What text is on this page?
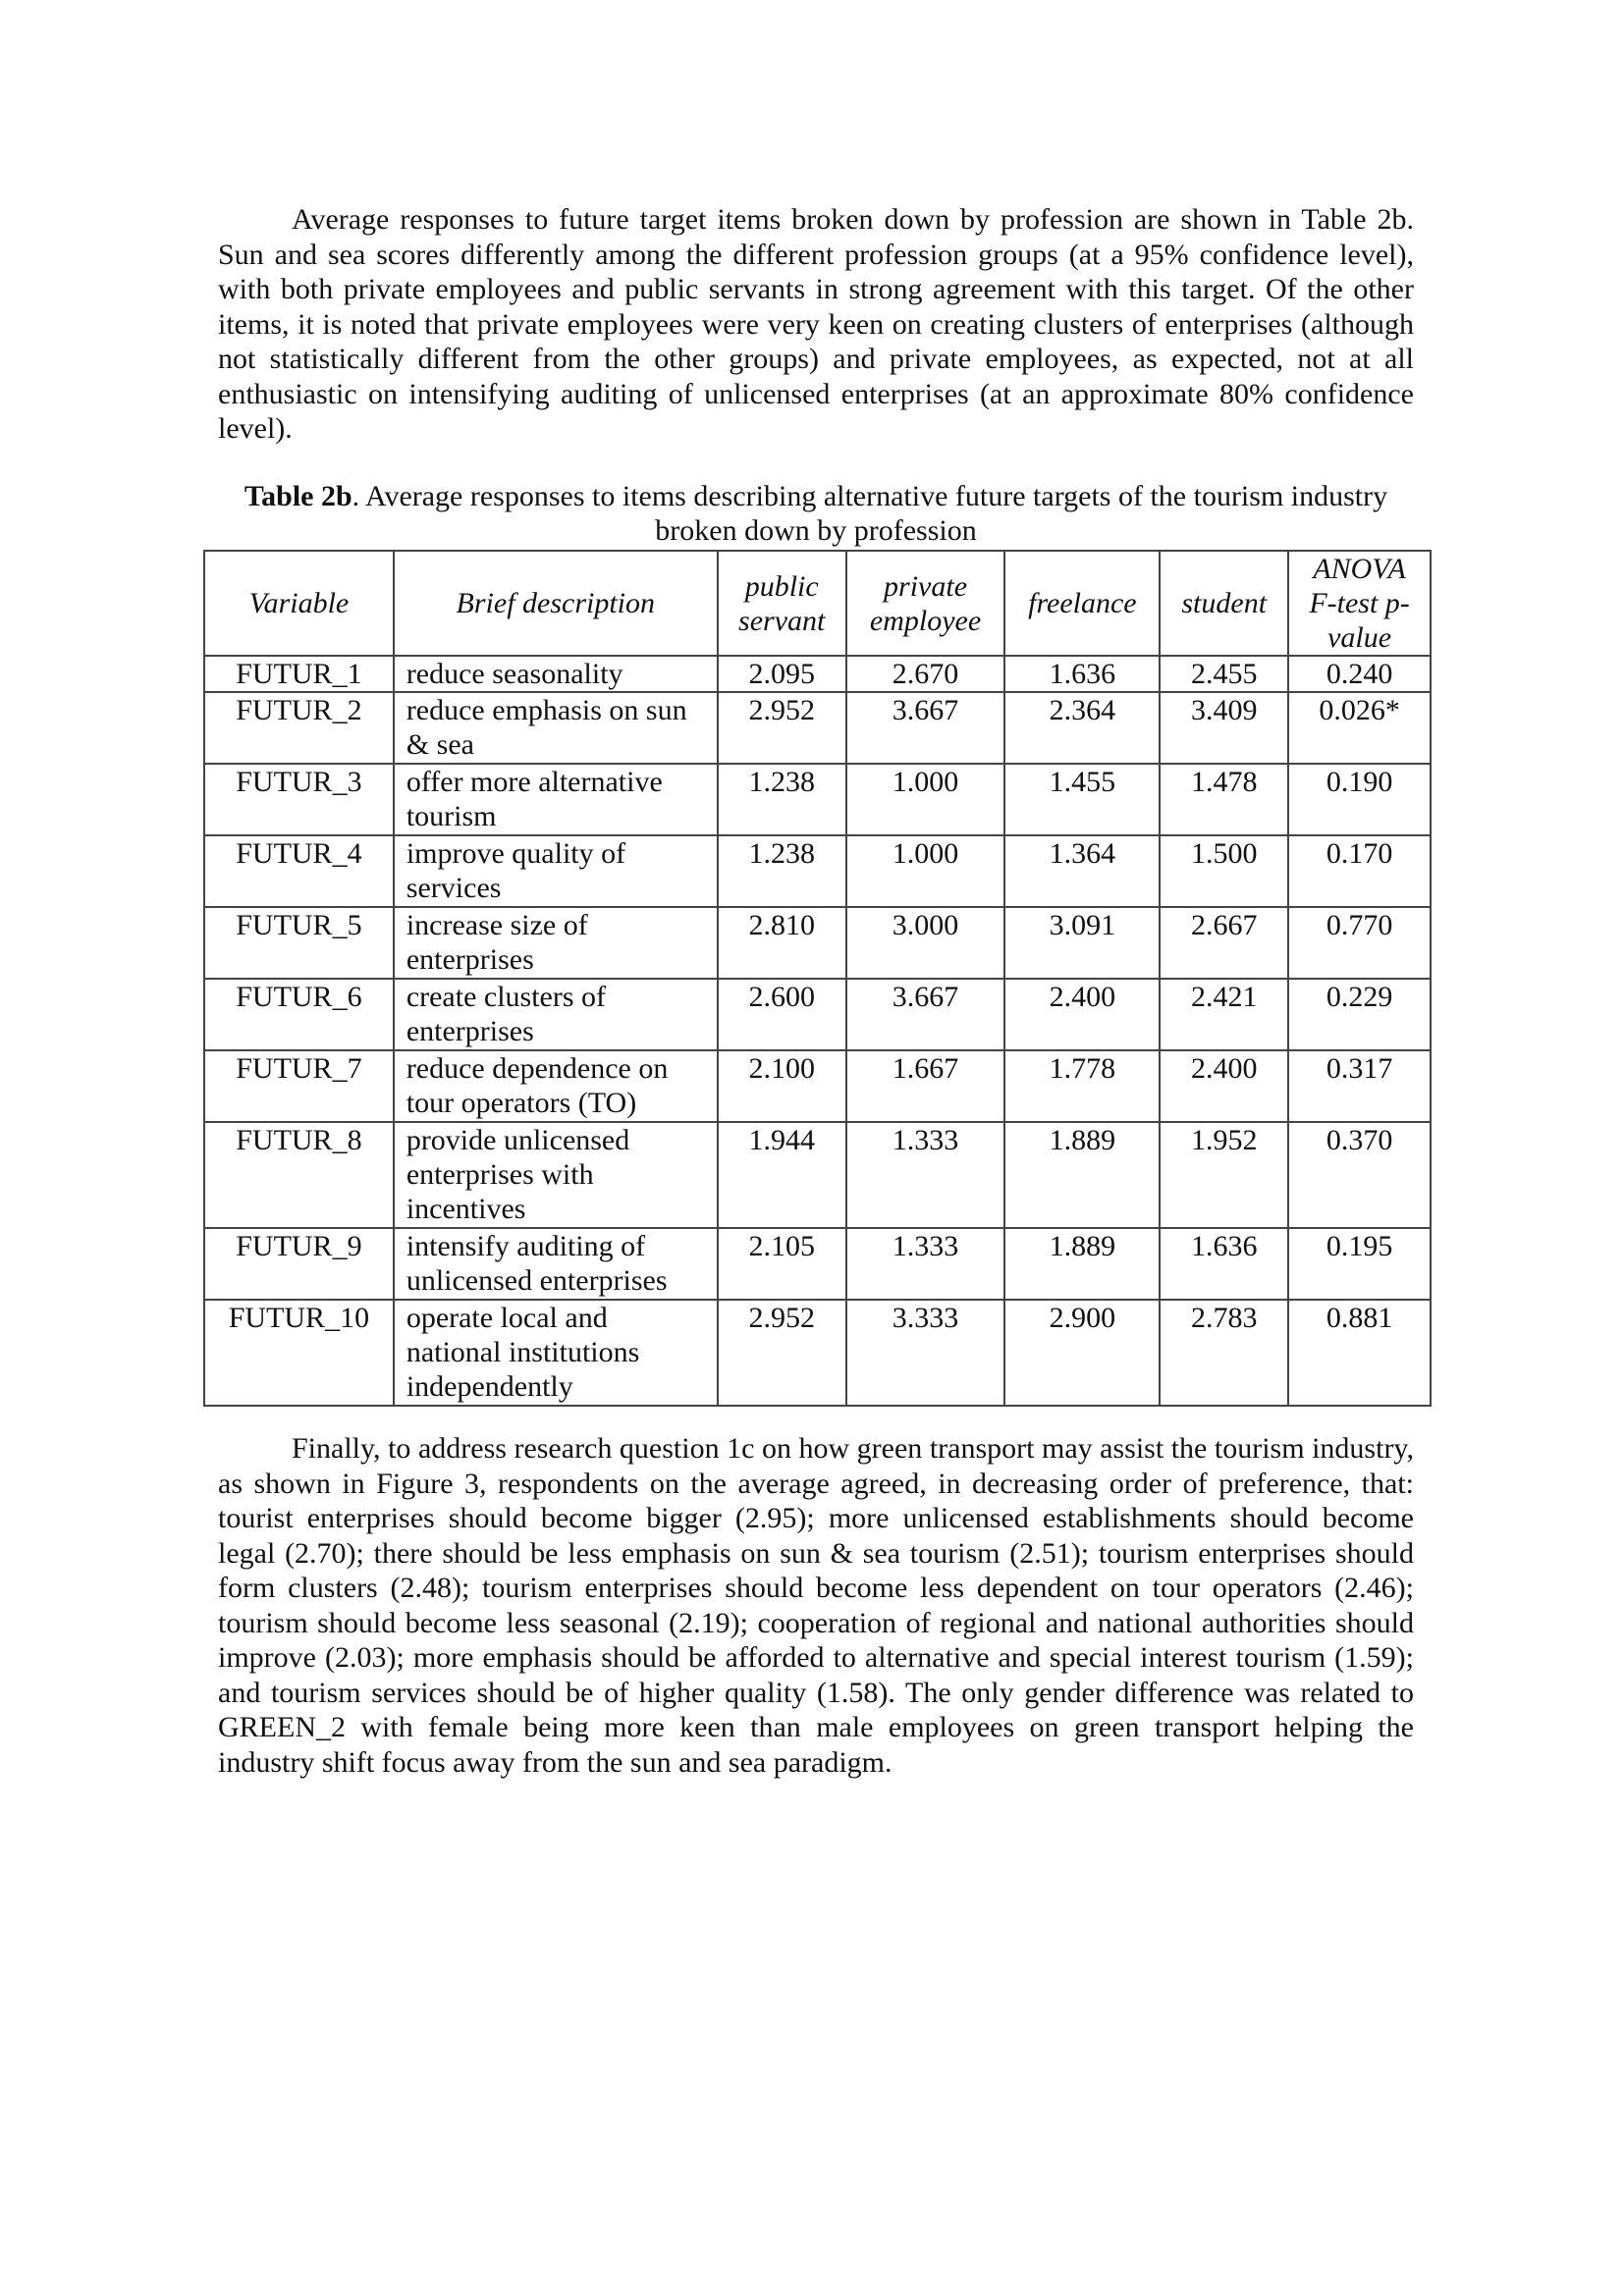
Average responses to future target items broken down by profession are shown in Table 2b. Sun and sea scores differently among the different profession groups (at a 95% confidence level), with both private employees and public servants in strong agreement with this target. Of the other items, it is noted that private employees were very keen on creating clusters of enterprises (although not statistically different from the other groups) and private employees, as expected, not at all enthusiastic on intensifying auditing of unlicensed enterprises (at an approximate 80% confidence level).

Table 2b. Average responses to items describing alternative future targets of the tourism industry broken down by profession
Variable	Brief description	public servant	private employee	freelance	student	ANOVA F-test p-value
FUTUR_1	reduce seasonality	2.095	2.670	1.636	2.455	0.240
FUTUR_2	reduce emphasis on sun & sea	2.952	3.667	2.364	3.409	0.026*
FUTUR_3	offer more alternative tourism	1.238	1.000	1.455	1.478	0.190
FUTUR_4	improve quality of services	1.238	1.000	1.364	1.500	0.170
FUTUR_5	increase size of enterprises	2.810	3.000	3.091	2.667	0.770
FUTUR_6	create clusters of enterprises	2.600	3.667	2.400	2.421	0.229
FUTUR_7	reduce dependence on tour operators (TO)	2.100	1.667	1.778	2.400	0.317
FUTUR_8	provide unlicensed enterprises with incentives	1.944	1.333	1.889	1.952	0.370
FUTUR_9	intensify auditing of unlicensed enterprises	2.105	1.333	1.889	1.636	0.195
FUTUR_10	operate local and national institutions independently	2.952	3.333	2.900	2.783	0.881

Finally, to address research question 1c on how green transport may assist the tourism industry, as shown in Figure 3, respondents on the average agreed, in decreasing order of preference, that: tourist enterprises should become bigger (2.95); more unlicensed establishments should become legal (2.70); there should be less emphasis on sun & sea tourism (2.51); tourism enterprises should form clusters (2.48); tourism enterprises should become less dependent on tour operators (2.46); tourism should become less seasonal (2.19); cooperation of regional and national authorities should improve (2.03); more emphasis should be afforded to alternative and special interest tourism (1.59); and tourism services should be of higher quality (1.58). The only gender difference was related to GREEN_2 with female being more keen than male employees on green transport helping the industry shift focus away from the sun and sea paradigm.
